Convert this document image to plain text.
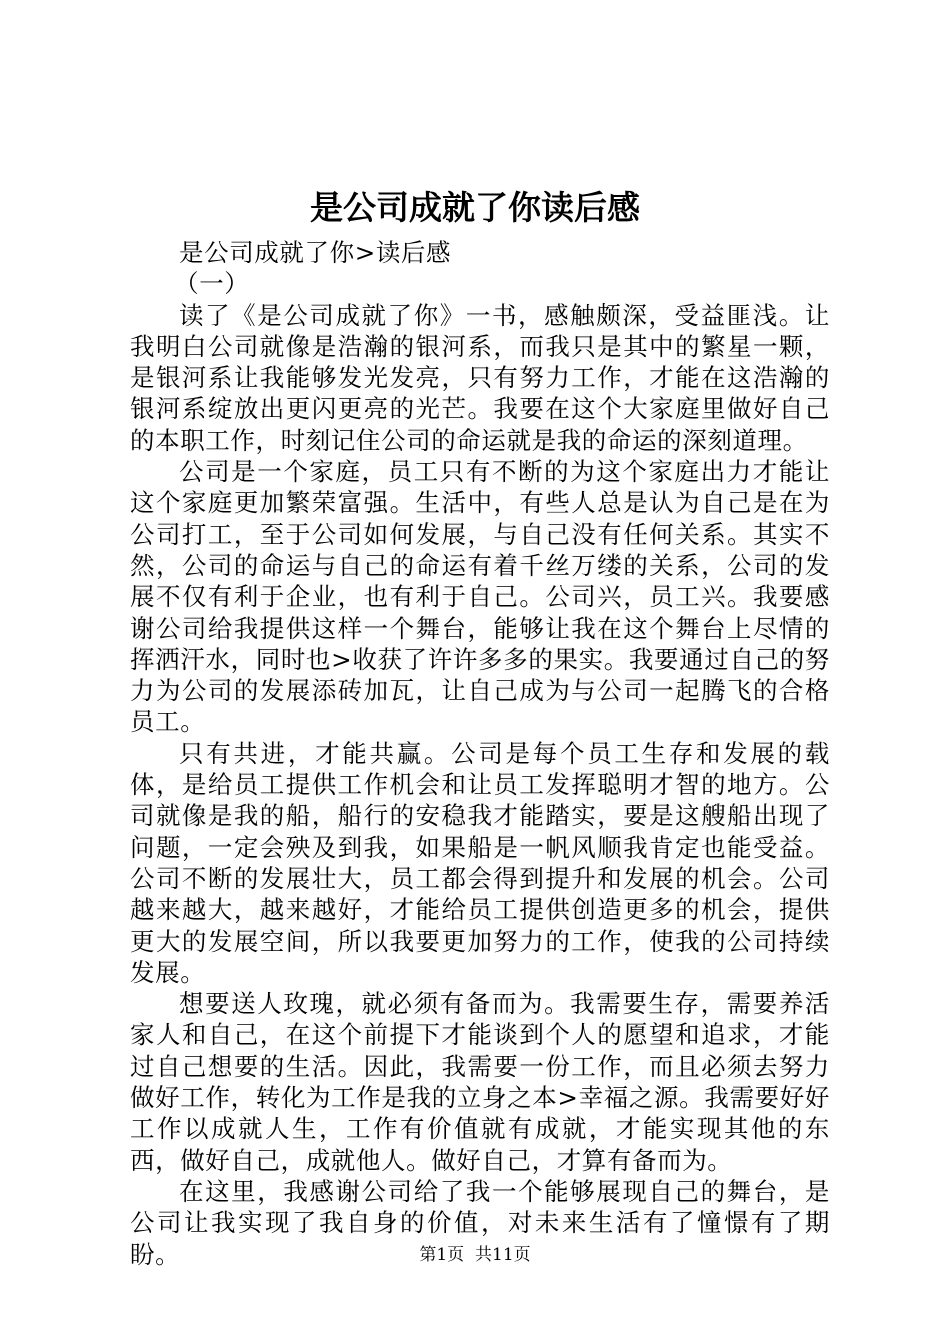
是公司成就了你读后感

是公司成就了你>读后感

（一）

读了《是公司成就了你》一书，感触颇深，受益匪浅。让我明白公司就像是浩瀚的银河系，而我只是其中的繁星一颗，是银河系让我能够发光发亮，只有努力工作，才能在这浩瀚的银河系绽放出更闪更亮的光芒。我要在这个大家庭里做好自己的本职工作，时刻记住公司的命运就是我的命运的深刻道理。

公司是一个家庭，员工只有不断的为这个家庭出力才能让这个家庭更加繁荣富强。生活中，有些人总是认为自己是在为公司打工，至于公司如何发展，与自己没有任何关系。其实不然，公司的命运与自己的命运有着千丝万缕的关系，公司的发展不仅有利于企业，也有利于自己。公司兴，员工兴。我要感谢公司给我提供这样一个舞台，能够让我在这个舞台上尽情的挥洒汗水，同时也>收获了许许多多的果实。我要通过自己的努力为公司的发展添砖加瓦，让自己成为与公司一起腾飞的合格员工。

只有共进，才能共赢。公司是每个员工生存和发展的载体，是给员工提供工作机会和让员工发挥聪明才智的地方。公司就像是我的船，船行的安稳我才能踏实，要是这艘船出现了问题，一定会殃及到我，如果船是一帆风顺我肯定也能受益。公司不断的发展壮大，员工都会得到提升和发展的机会。公司越来越大，越来越好，才能给员工提供创造更多的机会，提供更大的发展空间，所以我要更加努力的工作，使我的公司持续发展。

想要送人玫瑰，就必须有备而为。我需要生存，需要养活家人和自己，在这个前提下才能谈到个人的愿望和追求，才能过自己想要的生活。因此，我需要一份工作，而且必须去努力做好工作，转化为工作是我的立身之本>幸福之源。我需要好好工作以成就人生，工作有价值就有成就，才能实现其他的东西，做好自己，成就他人。做好自己，才算有备而为。

在这里，我感谢公司给了我一个能够展现自己的舞台，是公司让我实现了我自身的价值，对未来生活有了憧憬有了期盼。	第1页 共11页
